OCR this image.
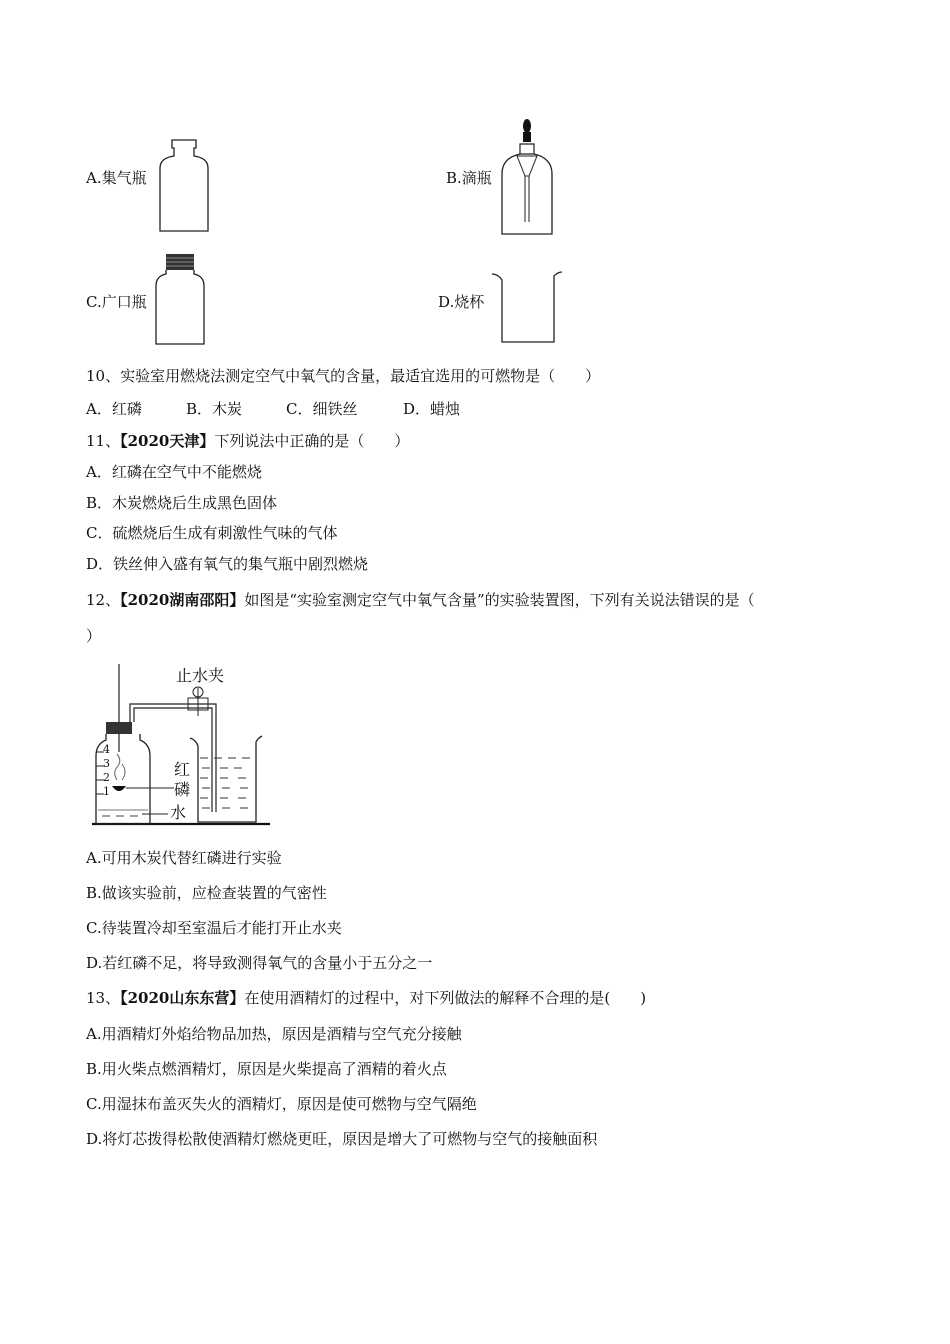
A.集气瓶	B.滴瓶
C.广口瓶	D.烧杯
10、实验室用燃烧法测定空气中氧气的含量，最适宜选用的可燃物是（　　）
A．红磷	B．木炭	C．细铁丝	D．蜡烛
11、【2020天津】下列说法中正确的是（　　）
A．红磷在空气中不能燃烧
B．木炭燃烧后生成黑色固体
C．硫燃烧后生成有刺激性气味的气体
D．铁丝伸入盛有氧气的集气瓶中剧烈燃烧
12、【2020湖南邵阳】如图是“实验室测定空气中氧气含量”的实验装置图，下列有关说法错误的是（
）
止水夹
红
磷
水
4
3
2
1
A.可用木炭代替红磷进行实验
B.做该实验前，应检查装置的气密性
C.待装置冷却至室温后才能打开止水夹
D.若红磷不足，将导致测得氧气的含量小于五分之一
13、【2020山东东营】在使用酒精灯的过程中，对下列做法的解释不合理的是(　　)
A.用酒精灯外焰给物品加热，原因是酒精与空气充分接触
B.用火柴点燃酒精灯，原因是火柴提高了酒精的着火点
C.用湿抹布盖灭失火的酒精灯，原因是使可燃物与空气隔绝
D.将灯芯拨得松散使酒精灯燃烧更旺，原因是增大了可燃物与空气的接触面积
